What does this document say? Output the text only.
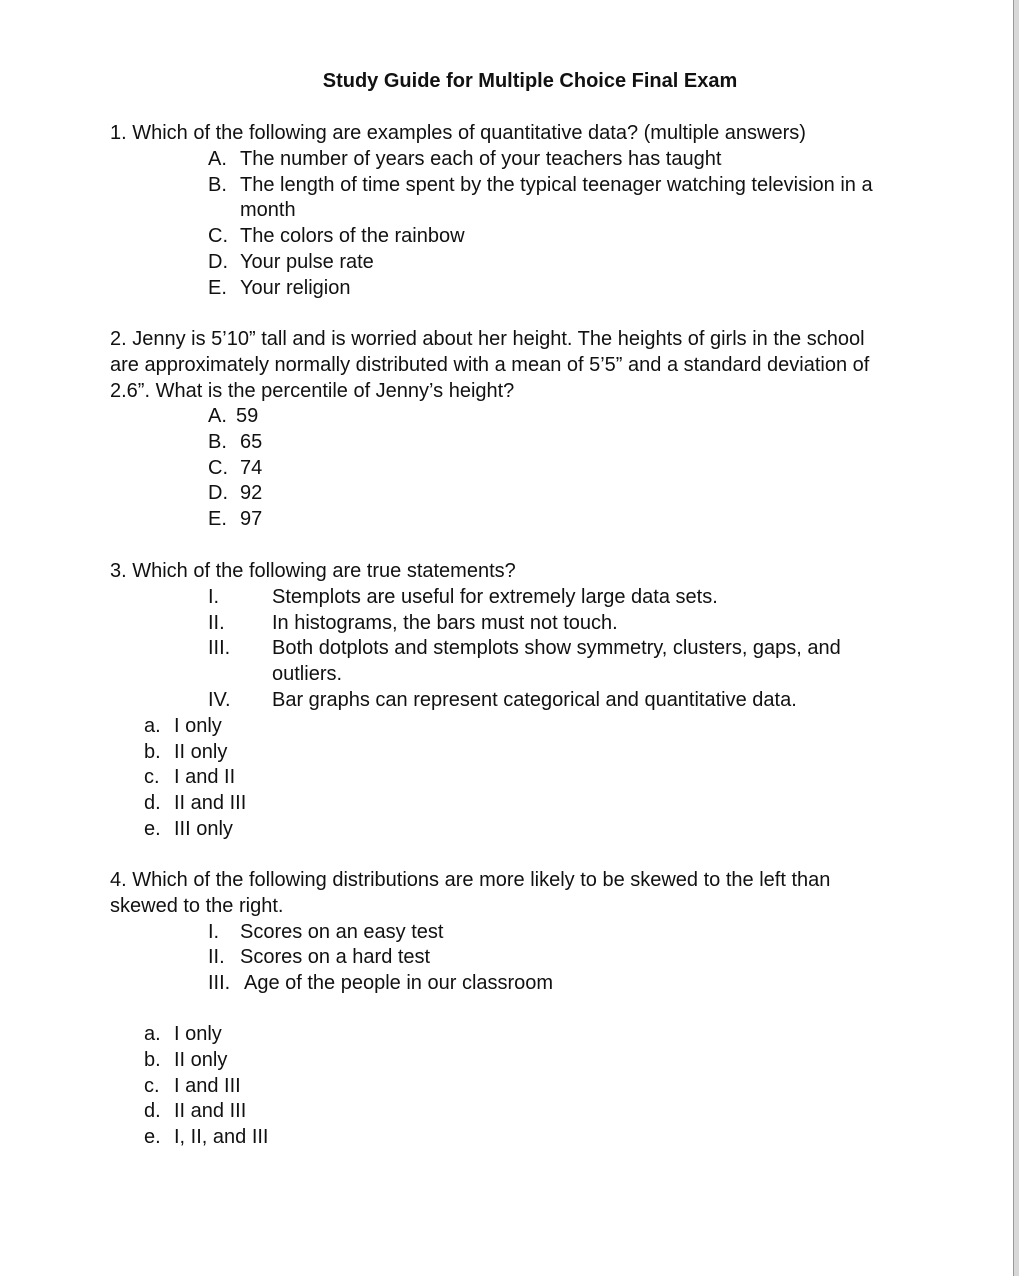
Study Guide for Multiple Choice Final Exam
1. Which of the following are examples of quantitative data? (multiple answers)
A. The number of years each of your teachers has taught
B. The length of time spent by the typical teenager watching television in a
month
C. The colors of the rainbow
D. Your pulse rate
E. Your religion
2. Jenny is 5’10” tall and is worried about her height. The heights of girls in the school
are approximately normally distributed with a mean of 5’5” and a standard deviation of
2.6”. What is the percentile of Jenny’s height?
A. 59
B. 65
C. 74
D. 92
E. 97
3. Which of the following are true statements?
I.	Stemplots are useful for extremely large data sets.
II. In histograms, the bars must not touch.
III. Both dotplots and stemplots show symmetry, clusters, gaps, and
outliers.
IV. Bar graphs can represent categorical and quantitative data.
a. I only
b. II only
c. I and II
d. II and III
e. III only
4. Which of the following distributions are more likely to be skewed to the left than
skewed to the right.
I. Scores on an easy test
II. Scores on a hard test
III. Age of the people in our classroom
a. I only
b. II only
c. I and III
d. II and III
e. I, II, and III
